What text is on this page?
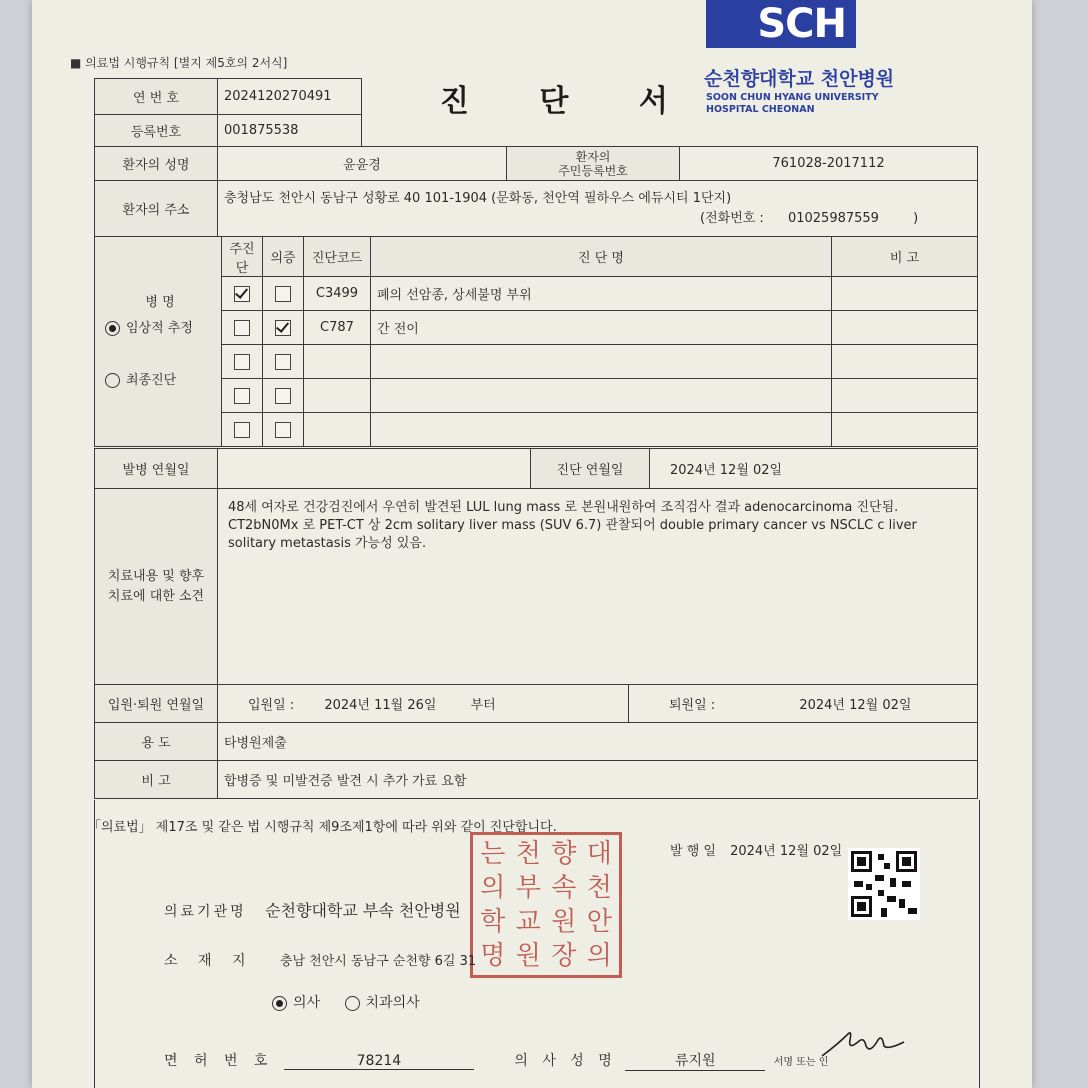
■ 의료법 시행규칙 [별지 제5호의 2서식]
SCH
순천향대학교 천안병원
SOON CHUN HYANG UNIVERSITY
HOSPITAL CHEONAN
진 단 서
연 번 호	2024120270491
등록번호	001875538
환자의 성명	윤윤경	환자의
주민등록번호	761028-2017112
환자의 주소	충청남도 천안시 동남구 성황로 40 101-1904 (문화동, 천안역 필하우스 에듀시티 1단지)
(전화번호 : 01025987559 )		
병 명
임상적 추정
최종진단	주진단	의증	진단코드	진 단 명	비 고
			C3499	폐의 선암종, 상세불명 부위	
			C787	간 전이	

발병 연월일		진단 연월일	2024년 12월 02일
치료내용 및 향후
치료에 대한 소견
	48세 여자로 건강검진에서 우연히 발견된 LUL lung mass 로 본원내원하여 조직검사 결과 adenocarcinoma 진단됨. CT2bN0Mx 로 PET-CT 상 2cm solitary liver mass (SUV 6.7) 관찰되어 double primary cancer vs NSCLC c liver solitary metastasis 가능성 있음.
입원·퇴원 연월일	입원일 : 2024년 11월 26일 부터	퇴원일 : 2024년 12월 02일
용 도	타병원제출	
비 고	합병증 및 미발견증 발견 시 추가 가료 요함	
「의료법」 제17조 및 같은 법 시행규칙 제9조제1항에 따라 위와 같이 진단합니다.
는 천 향 대
의 부 속 천
학 교 원 안
명 원 장 의
발 행 일 2024년 12월 02일
의료기관명 순천향대학교 부속 천안병원
소 재 지 충남 천안시 동남구 순천향 6길 31
의사	치과의사
면 허 번 호	78214	의 사 성 명	류지원	서명 또는 인
